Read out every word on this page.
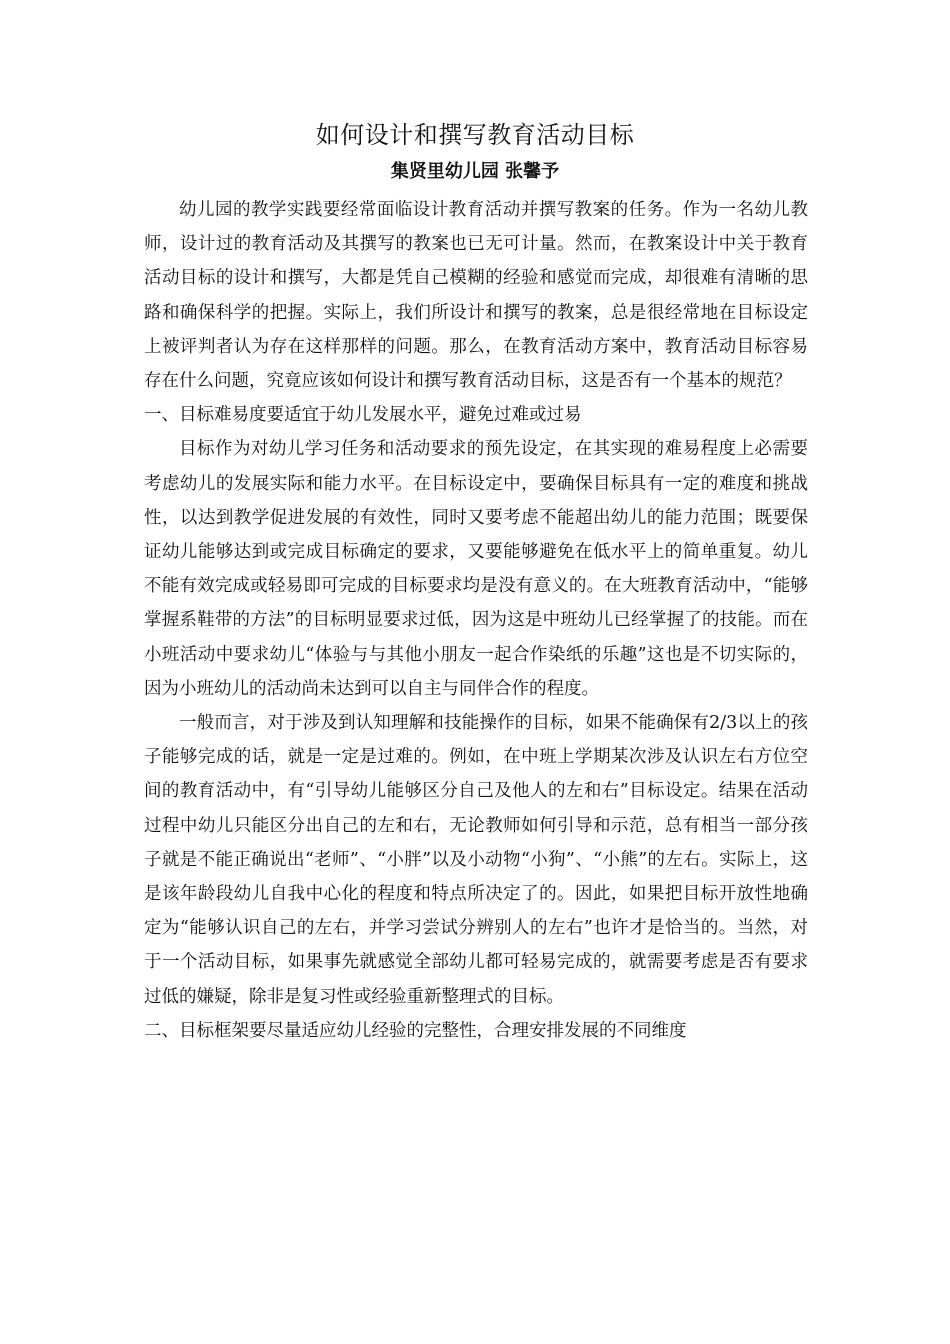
如何设计和撰写教育活动目标
集贤里幼儿园 张馨予

幼儿园的教学实践要经常面临设计教育活动并撰写教案的任务。作为一名幼儿教师，设计过的教育活动及其撰写的教案也已无可计量。然而，在教案设计中关于教育活动目标的设计和撰写，大都是凭自己模糊的经验和感觉而完成，却很难有清晰的思路和确保科学的把握。实际上，我们所设计和撰写的教案，总是很经常地在目标设定上被评判者认为存在这样那样的问题。那么，在教育活动方案中，教育活动目标容易存在什么问题，究竟应该如何设计和撰写教育活动目标，这是否有一个基本的规范？

一、目标难易度要适宜于幼儿发展水平，避免过难或过易

目标作为对幼儿学习任务和活动要求的预先设定，在其实现的难易程度上必需要考虑幼儿的发展实际和能力水平。在目标设定中，要确保目标具有一定的难度和挑战性，以达到教学促进发展的有效性，同时又要考虑不能超出幼儿的能力范围；既要保证幼儿能够达到或完成目标确定的要求，又要能够避免在低水平上的简单重复。幼儿不能有效完成或轻易即可完成的目标要求均是没有意义的。在大班教育活动中，“能够掌握系鞋带的方法”的目标明显要求过低，因为这是中班幼儿已经掌握了的技能。而在小班活动中要求幼儿“体验与与其他小朋友一起合作染纸的乐趣”这也是不切实际的，因为小班幼儿的活动尚未达到可以自主与同伴合作的程度。

一般而言，对于涉及到认知理解和技能操作的目标，如果不能确保有2/3以上的孩子能够完成的话，就是一定是过难的。例如，在中班上学期某次涉及认识左右方位空间的教育活动中，有“引导幼儿能够区分自己及他人的左和右”目标设定。结果在活动过程中幼儿只能区分出自己的左和右，无论教师如何引导和示范，总有相当一部分孩子就是不能正确说出“老师”、“小胖”以及小动物“小狗”、“小熊”的左右。实际上，这是该年龄段幼儿自我中心化的程度和特点所决定了的。因此，如果把目标开放性地确定为“能够认识自己的左右，并学习尝试分辨别人的左右”也许才是恰当的。当然，对于一个活动目标，如果事先就感觉全部幼儿都可轻易完成的，就需要考虑是否有要求过低的嫌疑，除非是复习性或经验重新整理式的目标。

二、目标框架要尽量适应幼儿经验的完整性，合理安排发展的不同维度
